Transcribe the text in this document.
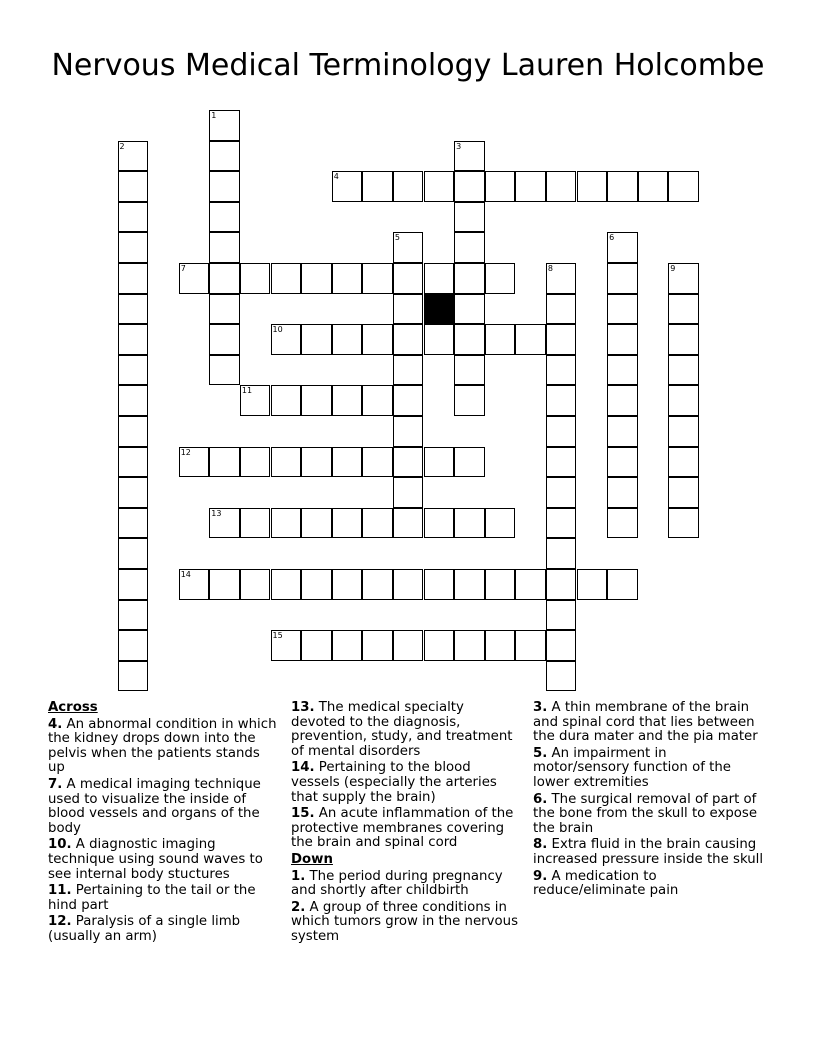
Nervous Medical Terminology Lauren Holcombe
1
2	3
4
5	6
7	8	9
10
11
12
13
14
15
Across

4. An abnormal condition in which the kidney drops down into the pelvis when the patients stands up

7. A medical imaging technique used to visualize the inside of blood vessels and organs of the body

10. A diagnostic imaging technique using sound waves to see internal body stuctures

11. Pertaining to the tail or the hind part

12. Paralysis of a single limb (usually an arm)

13. The medical specialty devoted to the diagnosis, prevention, study, and treatment of mental disorders

14. Pertaining to the blood vessels (especially the arteries that supply the brain)

15. An acute inflammation of the protective membranes covering the brain and spinal cord

Down

1. The period during pregnancy and shortly after childbirth

2. A group of three conditions in which tumors grow in the nervous system

3. A thin membrane of the brain and spinal cord that lies between the dura mater and the pia mater

5. An impairment in motor/sensory function of the lower extremities

6. The surgical removal of part of the bone from the skull to expose the brain

8. Extra fluid in the brain causing increased pressure inside the skull

9. A medication to reduce/eliminate pain
